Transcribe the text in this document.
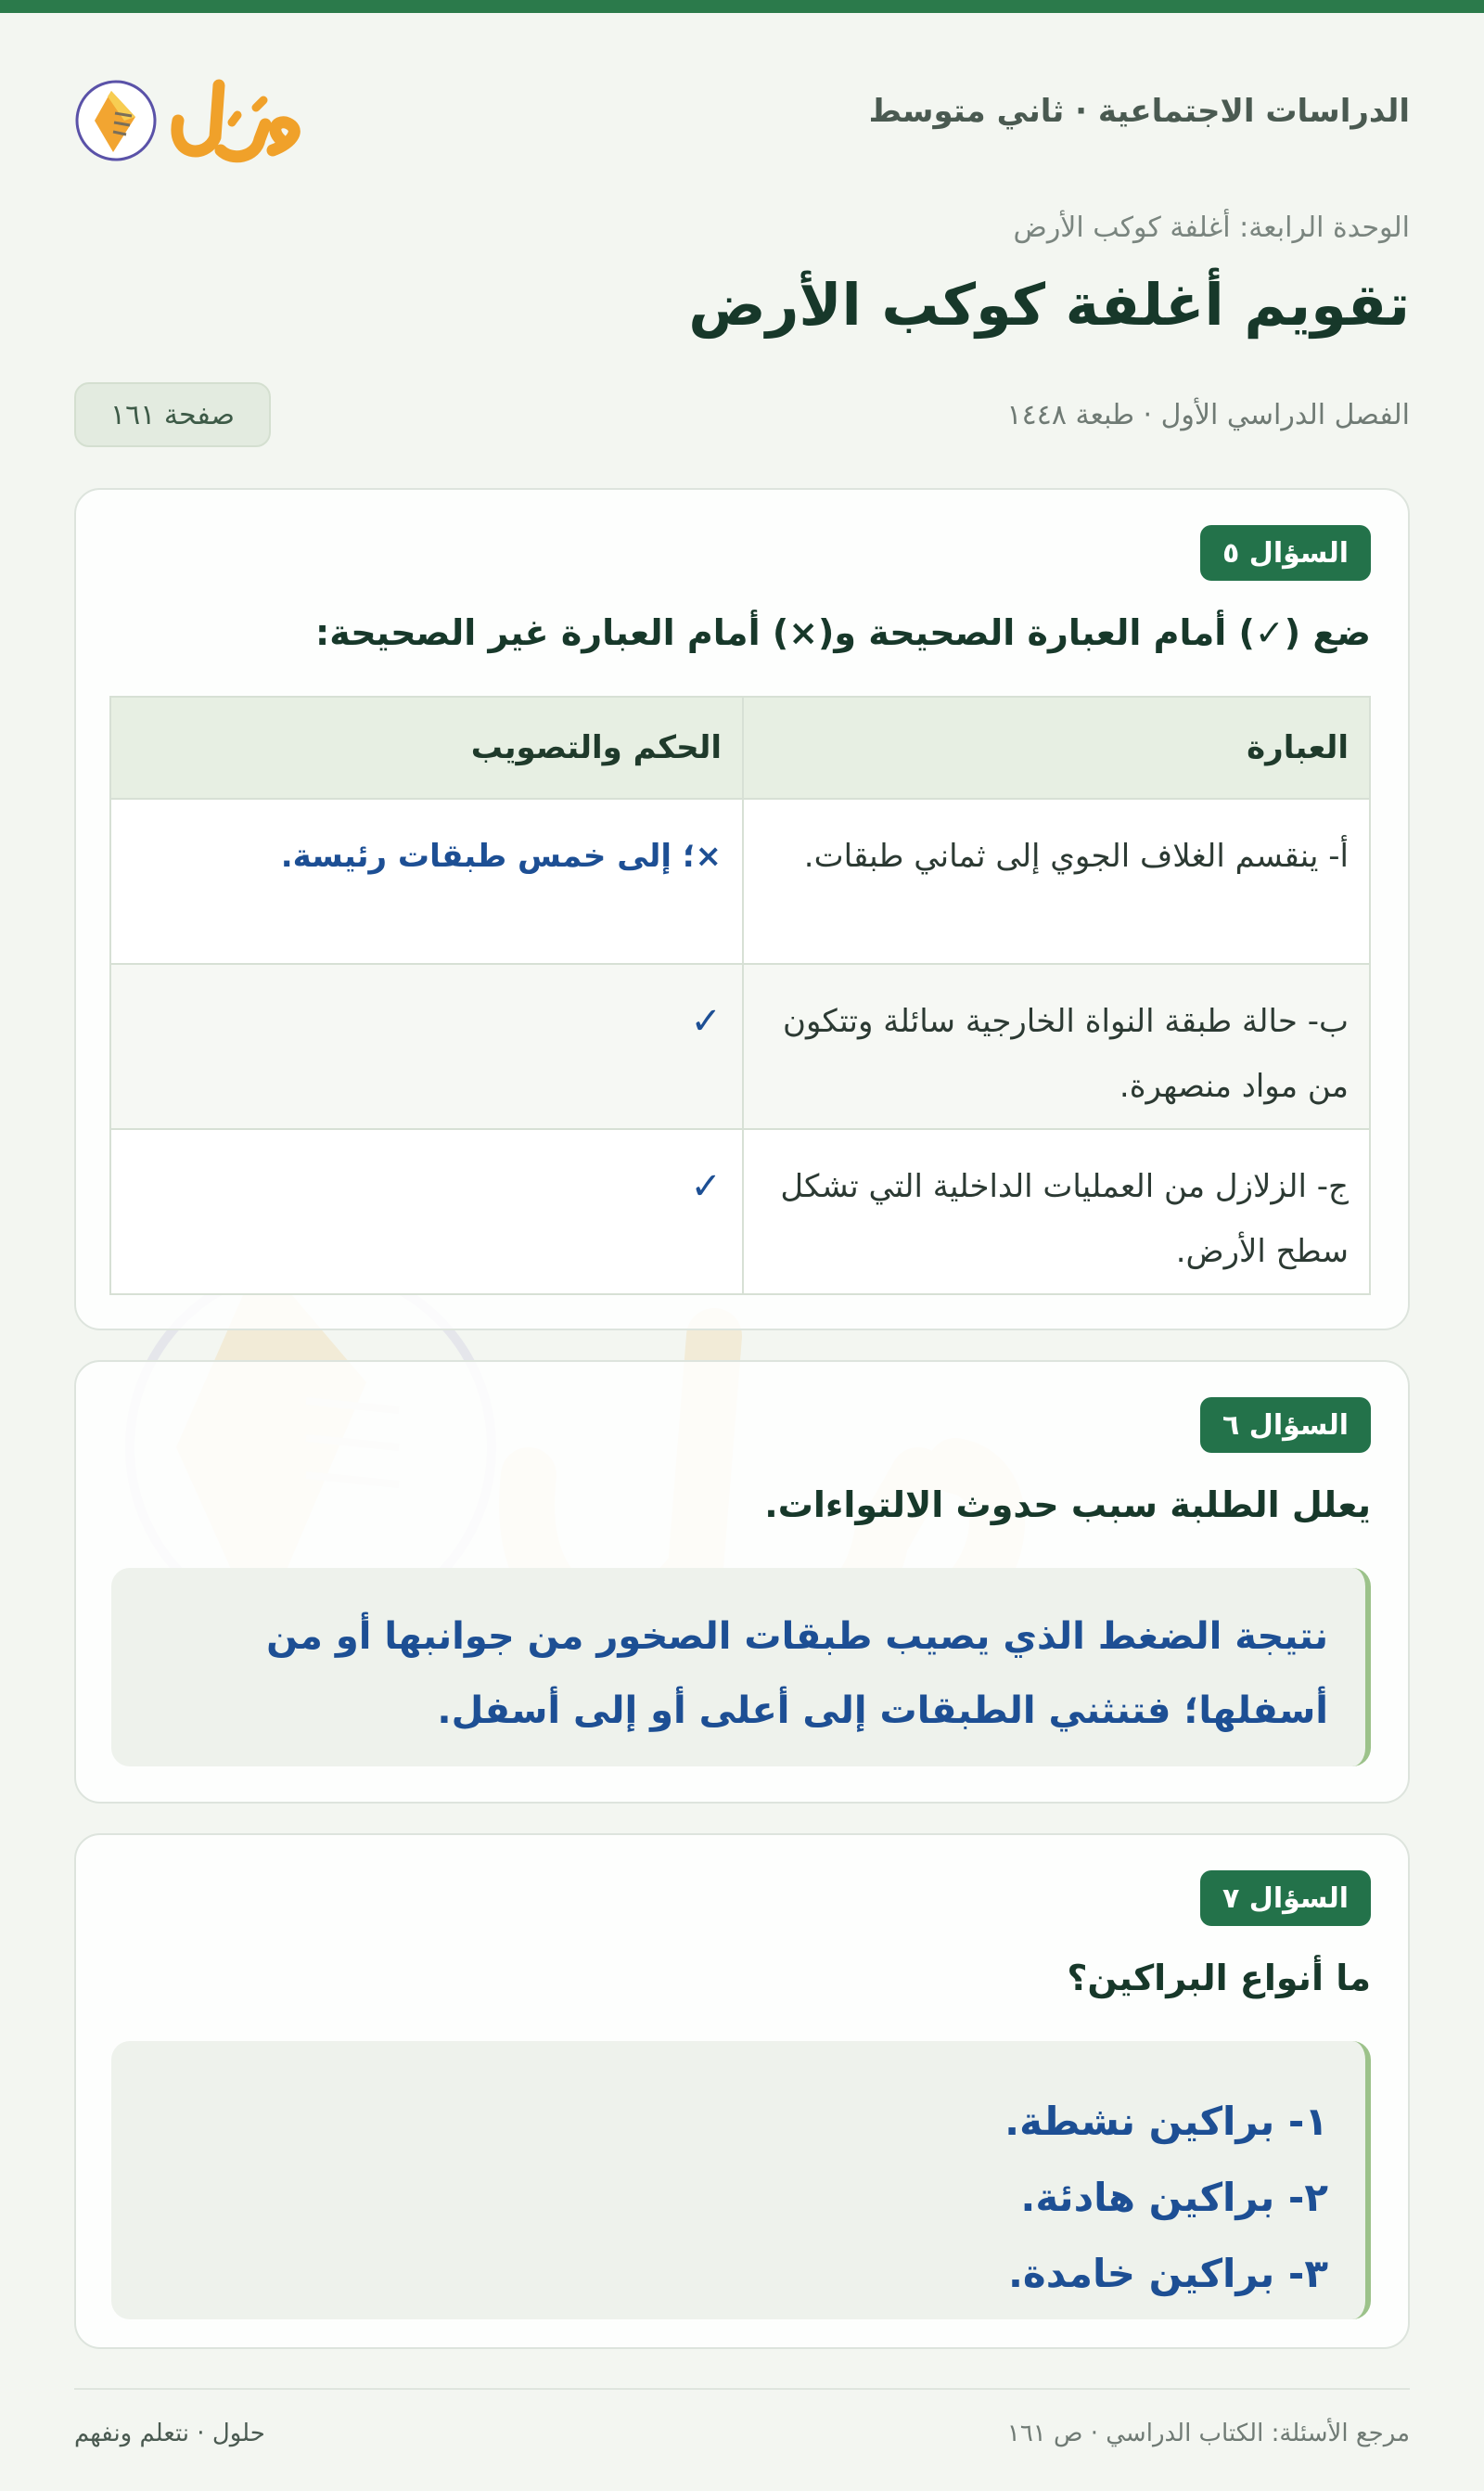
الدراسات الاجتماعية · ثاني متوسط
الوحدة الرابعة: أغلفة كوكب الأرض
تقويم أغلفة كوكب الأرض
الفصل الدراسي الأول · طبعة ١٤٤٨
صفحة ١٦١
السؤال ٥
ضع (✓) أمام العبارة الصحيحة و(×) أمام العبارة غير الصحيحة:
العبارة	الحكم والتصويب
أ- ينقسم الغلاف الجوي إلى ثماني طبقات.	×؛ إلى خمس طبقات رئيسة.
ب- حالة طبقة النواة الخارجية سائلة وتتكون من مواد منصهرة.	✓
ج- الزلازل من العمليات الداخلية التي تشكل سطح الأرض.	✓
السؤال ٦
يعلل الطلبة سبب حدوث الالتواءات.
نتيجة الضغط الذي يصيب طبقات الصخور من جوانبها أو من أسفلها؛ فتنثني الطبقات إلى أعلى أو إلى أسفل.
السؤال ٧
ما أنواع البراكين؟
١- براكين نشطة.
٢- براكين هادئة.
٣- براكين خامدة.
مرجع الأسئلة: الكتاب الدراسي · ص ١٦١
حلول · نتعلم ونفهم
